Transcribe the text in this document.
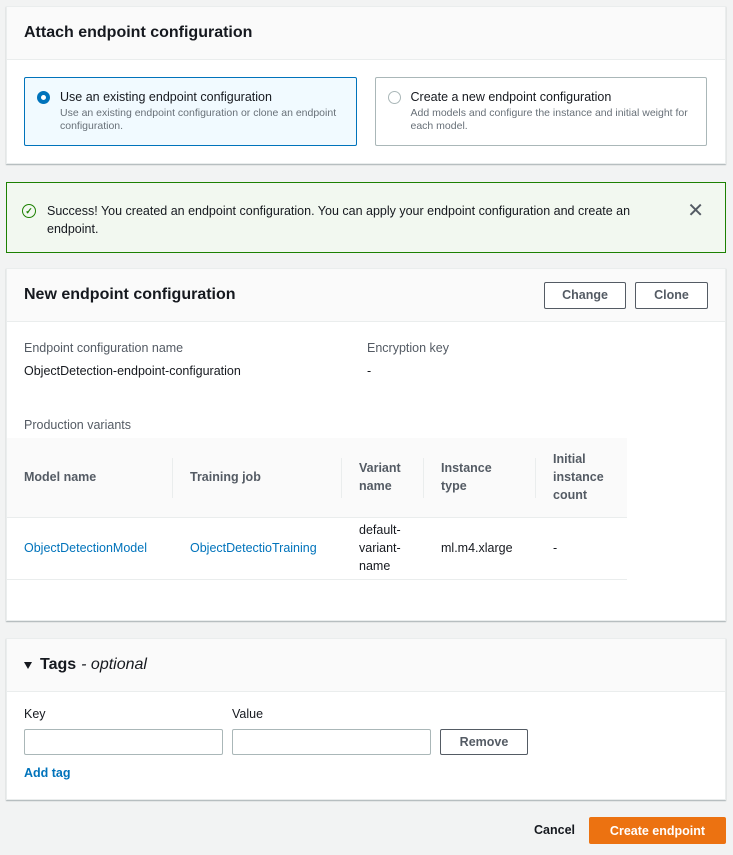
Attach endpoint configuration
Use an existing endpoint configuration
Use an existing endpoint configuration or clone an endpoint configuration.
Create a new endpoint configuration
Add models and configure the instance and initial weight for each model.
✓ Success! You created an endpoint configuration. You can apply your endpoint configuration and create an endpoint.
✕
New endpoint configuration	Change	Clone
Endpoint configuration name
ObjectDetection-endpoint-configuration
Encryption key
-
Production variants
Model name	Training job	Variant name	Instance type	Initial instance count
ObjectDetectionModel	ObjectDetectioTraining	default-variant-name	ml.m4.xlarge	-
Tags - optional
Key	Value
Remove
Add tag
Cancel	Create endpoint
